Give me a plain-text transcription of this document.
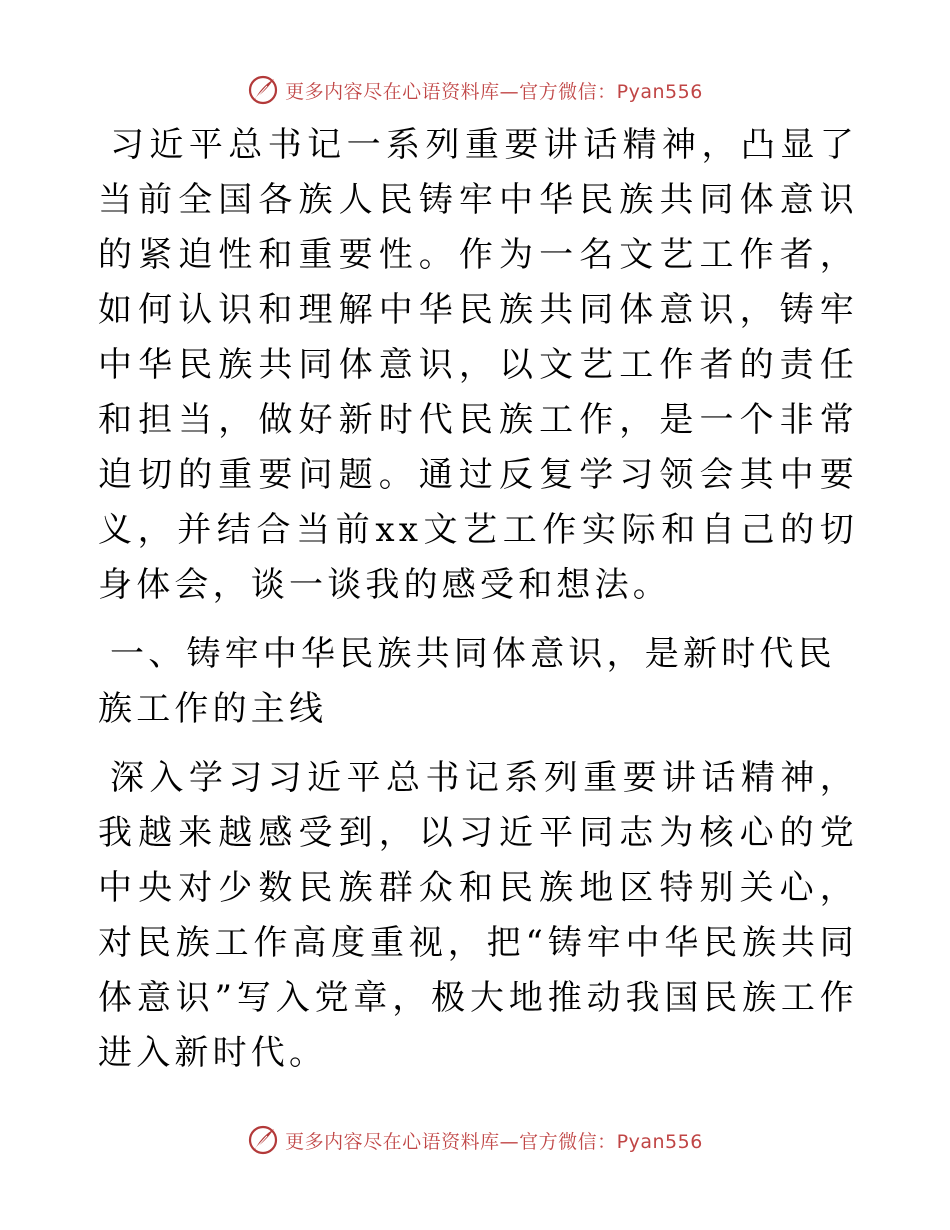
更多内容尽在心语资料库—官方微信：Pyan556

习近平总书记一系列重要讲话精神，凸显了当前全国各族人民铸牢中华民族共同体意识的紧迫性和重要性。作为一名文艺工作者，如何认识和理解中华民族共同体意识，铸牢中华民族共同体意识，以文艺工作者的责任和担当，做好新时代民族工作，是一个非常迫切的重要问题。通过反复学习领会其中要义，并结合当前xx文艺工作实际和自己的切身体会，谈一谈我的感受和想法。

一、铸牢中华民族共同体意识，是新时代民族工作的主线

深入学习习近平总书记系列重要讲话精神，我越来越感受到，以习近平同志为核心的党中央对少数民族群众和民族地区特别关心，对民族工作高度重视，把“铸牢中华民族共同体意识”写入党章，极大地推动我国民族工作进入新时代。

更多内容尽在心语资料库—官方微信：Pyan556
